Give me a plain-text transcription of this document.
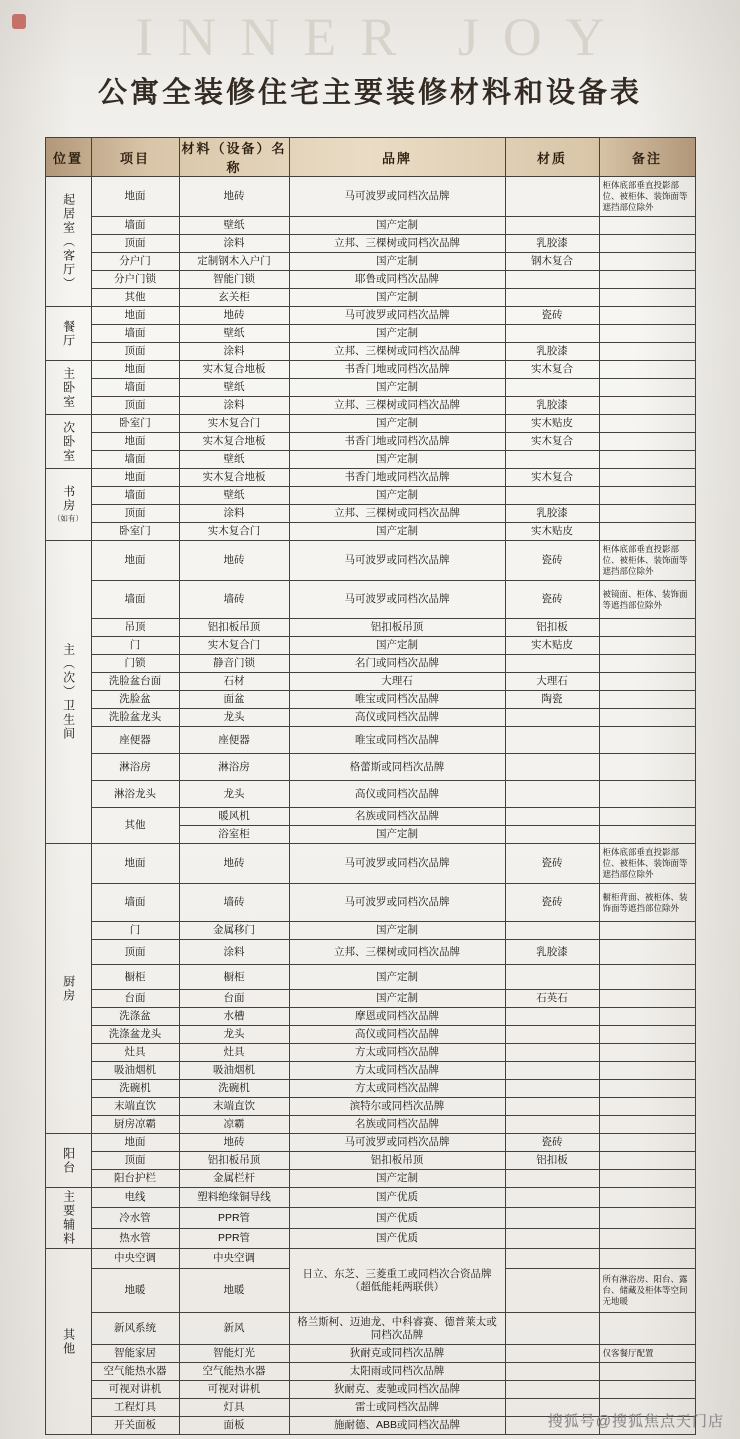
INNER JOY
公寓全装修住宅主要装修材料和设备表
位置	项目	材料（设备）名称	品牌	材质	备注

起居室（客厅）	地面	地砖	马可波罗或同档次品牌		柜体底部垂直投影部位、被柜体、装饰面等遮挡部位除外
	墙面	壁纸	国产定制		
	顶面	涂料	立邦、三棵树或同档次品牌	乳胶漆	
	分户门	定制钢木入户门	国产定制	钢木复合	
	分户门锁	智能门锁	耶鲁或同档次品牌		
	其他	玄关柜	国产定制		

餐厅	地面	地砖	马可波罗或同档次品牌	瓷砖	
	墙面	壁纸	国产定制		
	顶面	涂料	立邦、三棵树或同档次品牌	乳胶漆	

主卧室	地面	实木复合地板	书香门地或同档次品牌	实木复合	
	墙面	壁纸	国产定制		
	顶面	涂料	立邦、三棵树或同档次品牌	乳胶漆	

次卧室	卧室门	实木复合门	国产定制	实木贴皮	
	地面	实木复合地板	书香门地或同档次品牌	实木复合	
	墙面	壁纸	国产定制		

书房
（如有）	地面	实木复合地板	书香门地或同档次品牌	实木复合	
	墙面	壁纸	国产定制		
	顶面	涂料	立邦、三棵树或同档次品牌	乳胶漆	
	卧室门	实木复合门	国产定制	实木贴皮	

主（次）卫生间	地面	地砖	马可波罗或同档次品牌	瓷砖	柜体底部垂直投影部位、被柜体、装饰面等遮挡部位除外
	墙面	墙砖	马可波罗或同档次品牌	瓷砖	被镜面、柜体、装饰面等遮挡部位除外
	吊顶	铝扣板吊顶	铝扣板吊顶	铝扣板	
	门	实木复合门	国产定制	实木贴皮	
	门锁	静音门锁	名门或同档次品牌		
	洗脸盆台面	石材	大理石	大理石	
	洗脸盆	面盆	唯宝或同档次品牌	陶瓷	
	洗脸盆龙头	龙头	高仪或同档次品牌		
	座便器	座便器	唯宝或同档次品牌		
	淋浴房	淋浴房	格蕾斯或同档次品牌		
	淋浴龙头	龙头	高仪或同档次品牌		
	其他	暖风机	名族或同档次品牌		
		浴室柜	国产定制		

厨房	地面	地砖	马可波罗或同档次品牌	瓷砖	柜体底部垂直投影部位、被柜体、装饰面等遮挡部位除外
	墙面	墙砖	马可波罗或同档次品牌	瓷砖	橱柜背面、被柜体、装饰面等遮挡部位除外
	门	金属移门	国产定制		
	顶面	涂料	立邦、三棵树或同档次品牌	乳胶漆	
	橱柜	橱柜	国产定制		
	台面	台面	国产定制	石英石	
	洗涤盆	水槽	摩恩或同档次品牌		
	洗涤盆龙头	龙头	高仪或同档次品牌		
	灶具	灶具	方太或同档次品牌		
	吸油烟机	吸油烟机	方太或同档次品牌		
	洗碗机	洗碗机	方太或同档次品牌		
	末端直饮	末端直饮	滨特尔或同档次品牌		
	厨房凉霸	凉霸	名族或同档次品牌		

阳台	地面	地砖	马可波罗或同档次品牌	瓷砖	
	顶面	铝扣板吊顶	铝扣板吊顶	铝扣板	
	阳台护栏	金属栏杆	国产定制		

主要辅料	电线	塑料绝缘铜导线	国产优质		
	冷水管	PPR管	国产优质		
	热水管	PPR管	国产优质		

其他	中央空调	中央空调	日立、东芝、三菱重工或同档次合资品牌（超低能耗两联供）		
	地暖	地暖			所有淋浴房、阳台、露台、储藏及柜体等空间无地暖
	新风系统	新风	格兰斯柯、迈迪龙、中科睿赛、德普莱太或同档次品牌		
	智能家居	智能灯光	狄耐克或同档次品牌		仅客餐厅配置
	空气能热水器	空气能热水器	太阳雨或同档次品牌		
	可视对讲机	可视对讲机	狄耐克、麦驰或同档次品牌		
	工程灯具	灯具	雷士或同档次品牌		
	开关面板	面板	施耐德、ABB或同档次品牌			搜狐号@搜狐焦点天门店
